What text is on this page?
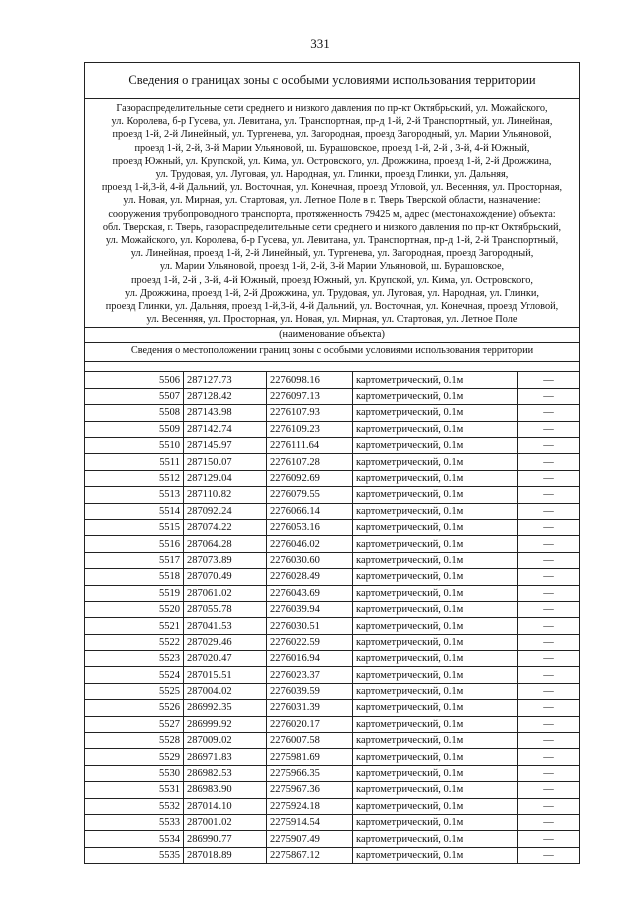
331
Сведения о границах зоны с особыми условиями использования территории
Газораспределительные сети среднего и низкого давления по пр-кт Октябрьский, ул. Можайского,
ул. Королева, б-р Гусева, ул. Левитана, ул. Транспортная, пр-д 1-й, 2-й Транспортный, ул. Линейная,
проезд 1-й, 2-й Линейный, ул. Тургенева, ул. Загородная, проезд Загородный, ул. Марии Ульяновой,
проезд 1-й, 2-й, 3-й Марии Ульяновой, ш. Бурашовское, проезд 1-й, 2-й , 3-й, 4-й Южный,
проезд Южный, ул. Крупской, ул. Кима, ул. Островского, ул. Дрожжина, проезд 1-й, 2-й Дрожжина,
ул. Трудовая, ул. Луговая, ул. Народная, ул. Глинки, проезд Глинки, ул. Дальняя,
проезд 1-й,3-й, 4-й Дальний, ул. Восточная, ул. Конечная, проезд Угловой, ул. Весенняя, ул. Просторная,
ул. Новая, ул. Мирная, ул. Стартовая, ул. Летное Поле в г. Тверь Тверской области, назначение:
сооружения трубопроводного транспорта, протяженность 79425 м, адрес (местонахождение) объекта:
обл. Тверская, г. Тверь, газораспределительные сети среднего и низкого давления по пр-кт Октябрьский,
ул. Можайского, ул. Королева, б-р Гусева, ул. Левитана, ул. Транспортная, пр-д 1-й, 2-й Транспортный,
ул. Линейная, проезд 1-й, 2-й Линейный, ул. Тургенева, ул. Загородная, проезд Загородный,
ул. Марии Ульяновой, проезд 1-й, 2-й, 3-й Марии Ульяновой, ш. Бурашовское,
проезд 1-й, 2-й , 3-й, 4-й Южный, проезд Южный, ул. Крупской, ул. Кима, ул. Островского,
ул. Дрожжина, проезд 1-й, 2-й Дрожжина, ул. Трудовая, ул. Луговая, ул. Народная, ул. Глинки,
проезд Глинки, ул. Дальняя, проезд 1-й,3-й, 4-й Дальний, ул. Восточная, ул. Конечная, проезд Угловой,
ул. Весенняя, ул. Просторная, ул. Новая, ул. Мирная, ул. Стартовая, ул. Летное Поле
(наименование объекта)
Сведения о местоположении границ зоны с особыми условиями использования территории
5506	287127.73	2276098.16	картометрический, 0.1м	—
5507	287128.42	2276097.13	картометрический, 0.1м	—
5508	287143.98	2276107.93	картометрический, 0.1м	—
5509	287142.74	2276109.23	картометрический, 0.1м	—
5510	287145.97	2276111.64	картометрический, 0.1м	—
5511	287150.07	2276107.28	картометрический, 0.1м	—
5512	287129.04	2276092.69	картометрический, 0.1м	—
5513	287110.82	2276079.55	картометрический, 0.1м	—
5514	287092.24	2276066.14	картометрический, 0.1м	—
5515	287074.22	2276053.16	картометрический, 0.1м	—
5516	287064.28	2276046.02	картометрический, 0.1м	—
5517	287073.89	2276030.60	картометрический, 0.1м	—
5518	287070.49	2276028.49	картометрический, 0.1м	—
5519	287061.02	2276043.69	картометрический, 0.1м	—
5520	287055.78	2276039.94	картометрический, 0.1м	—
5521	287041.53	2276030.51	картометрический, 0.1м	—
5522	287029.46	2276022.59	картометрический, 0.1м	—
5523	287020.47	2276016.94	картометрический, 0.1м	—
5524	287015.51	2276023.37	картометрический, 0.1м	—
5525	287004.02	2276039.59	картометрический, 0.1м	—
5526	286992.35	2276031.39	картометрический, 0.1м	—
5527	286999.92	2276020.17	картометрический, 0.1м	—
5528	287009.02	2276007.58	картометрический, 0.1м	—
5529	286971.83	2275981.69	картометрический, 0.1м	—
5530	286982.53	2275966.35	картометрический, 0.1м	—
5531	286983.90	2275967.36	картометрический, 0.1м	—
5532	287014.10	2275924.18	картометрический, 0.1м	—
5533	287001.02	2275914.54	картометрический, 0.1м	—
5534	286990.77	2275907.49	картометрический, 0.1м	—
5535	287018.89	2275867.12	картометрический, 0.1м	—
